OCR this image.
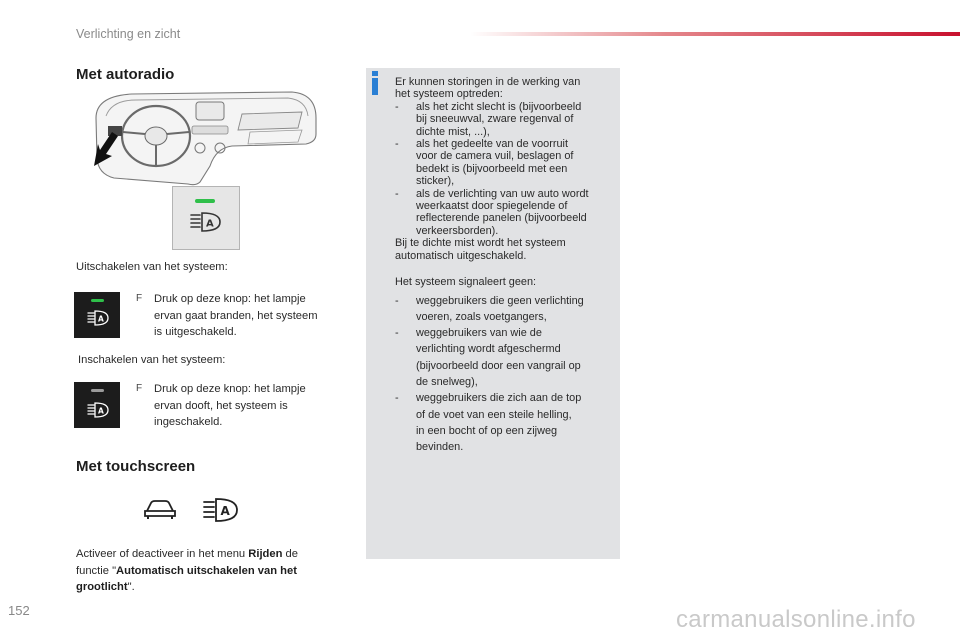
Verlichting en zicht
Met autoradio
A
Uitschakelen van het systeem:
A
F Druk op deze knop: het lampje
ervan gaat branden, het systeem
is uitgeschakeld.
Inschakelen van het systeem:
A
F Druk op deze knop: het lampje
ervan dooft, het systeem is
ingeschakeld.
Met touchscreen
A
Activeer of deactiveer in het menu Rijden de
functie "Automatisch uitschakelen van het
grootlicht".

Er kunnen storingen in de werking van

het systeem optreden:

- als het zicht slecht is (bijvoorbeeld
bij sneeuwval, zware regenval of
dichte mist, ...),
- als het gedeelte van de voorruit
voor de camera vuil, beslagen of
bedekt is (bijvoorbeeld met een
sticker),
- als de verlichting van uw auto wordt
weerkaatst door spiegelende of
reflecterende panelen (bijvoorbeeld
verkeersborden).

Bij te dichte mist wordt het systeem

automatisch uitgeschakeld.

Het systeem signaleert geen:

- weggebruikers die geen verlichting
voeren, zoals voetgangers,
- weggebruikers van wie de
verlichting wordt afgeschermd
(bijvoorbeeld door een vangrail op
de snelweg),
- weggebruikers die zich aan de top
of de voet van een steile helling,
in een bocht of op een zijweg
bevinden.
152	carmanualsonline.info
